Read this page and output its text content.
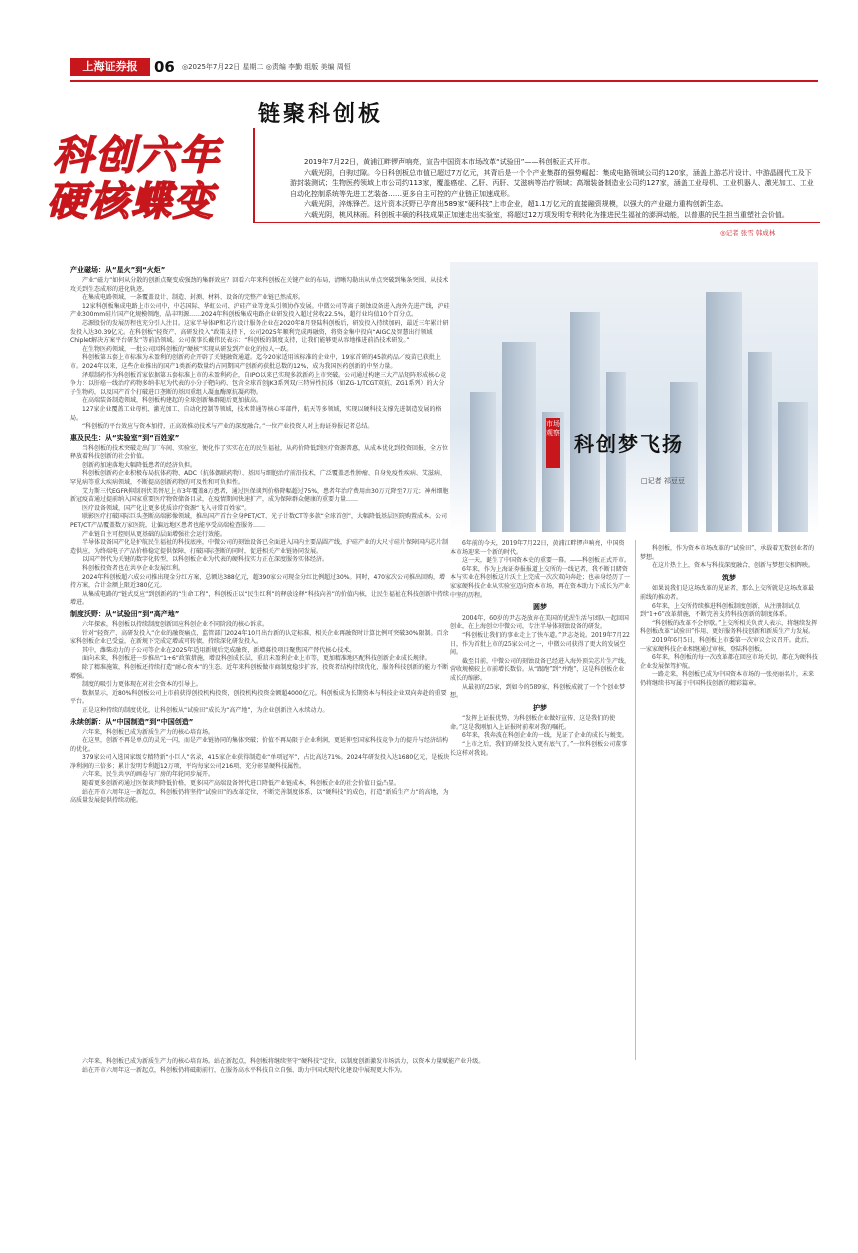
上海证券报	06 ◎2025年7月22日 星期二 ◎责编 李勤 组版 美编 周恒
科创六年
硬核蝶变
链聚科创板

2019年7月22日，黄浦江畔锣声响亮，宣告中国资本市场改革“试验田”——科创板正式开市。

六载光阴，白驹过隙。今日科创板总市值已超过7万亿元，其背后是一个个产业集群的强势崛起：集成电路领域公司约120家，涵盖上游芯片设计、中游晶圆代工及下游封装测试；生物医药领域上市公司约113家，覆盖癌症、乙肝、丙肝、艾滋病等治疗领域；高端装备制造业公司约127家，涵盖工业母机、工业机器人、激光加工、工业自动化控制系统等先进工艺装备……更多自主可控的产业链正加速成形。

六载光阴，淬炼锋芒。这片资本沃野已孕育出589家“硬科技”上市企业，超1.1万亿元的直接融资规模，以强大的产业磁力重构创新生态。

六载光阴，桃风林雨。科创板丰硕的科技成果正加速走出实验室，将超过12万项发明专利转化为推进民生福祉的澎湃动能，以普惠的民生担当重塑社会价值。

◎记者 张雪 韩成林

产业磁场：从“星火”到“火炬”

产业“磁力”如何从分散的创新点聚变成强劲的集群效应？回看六年来科创板在关键产业的布局，清晰勾勒出从单点突破到集条突围、从技术攻关到生态成形的进化轨迹。

在集成电路领域，一条覆盖设计、制造、封测、材料、设备的完整产业链已然成形。

12家科创板集成电路上市公司中，中芯国际、华虹公司、沪硅产业等龙头引领协作发展。中微公司等离子刻蚀设备进入海外先进产线，沪硅产业300mm硅片国产化规模领跑，晶丰明源……2024年科创板集成电路企业研发投入超过营收22.5%，超行业均值10个百分点。

芯源股份的发展历程也充分引人注目。这家半导体IP和芯片设计服务企业在2020年8月登陆科创板后，研发投入持续加码，最近三年累计研发投入达30.39亿元。在科创板“轻资产、高研发投入”政策支持下，公司2025年顺利完成再融资，将资金集中投向“AIGC及智慧出行领域Chiplet解决方案平台研发”等前沿领域。公司董事长戴伟民表示：“科创板的制度支持，让我们能够更从容地推进前沿技术研发。”

在生物医药领域，一批公司因科创板的“硬核”实现从研发到产业化的惊人一跃。

科创板第五套上市标准为未盈利的创新药企开辟了关键融资通道。迄今20家适用该标准的企业中，19家首研的45款药品／疫苗已获批上市。2024年以来，这些企业推出的国产1类新药数量约占同期国产创新药获批总数的12%，成为我国医药创新的中坚力量。

泽璟制药作为科创板首家依据第五套标准上市的未盈利药企，自IPO以来已实现多款新药上市突破。公司通过构建三大产品矩阵形成核心竞争力：以肝癌一线治疗药物多纳非尼为代表的小分子靶向药、包含全球首创JK3系列双/三特异性抗体（如ZG-1/TCGT双抗、ZG1系列）的大分子生物药，以及国产首个打破进口垄断的基因重组人凝血酶原抗凝药物。

在高端装备制造领域，科创板构建起的全球创新集群随后更加拔高。

127家企业覆盖工业母机、激光加工、自动化控制等领域，技术普通等核心零部件，航天等多领域，实现以硬科技支撑先进制造发展的格局。

“科创板的平台效应与资本加持，正高效推动技术与产业的深度融合。”一位产业投资人对上海证券报记者总结。

惠及民生：从“实验室”到“百姓家”

当科创板的技术突破走出门厂车间、实验室，便化作了实实在在的民生福祉，从药价降低到医疗资源普惠，从成本优化到投资回报，全方位释放着科技创新的社会价值。

创新药加速落地大幅降低患者的经济负担。

科创板创新药企业积极布局抗体药物、ADC（抗体偶联药物）、基因与细胞治疗前沿技术，广泛覆盖恶性肿瘤、自身免疫性疾病、艾滋病、罕见病等重大疾病领域，不断提高创新药物的可及性和可负担性。

艾力斯三代EGFR抑制剂伏美替尼上市3年覆盖8万患者，通过医保谈判价格降幅超过75%，患者年治疗费用由30万元降至7万元；神州细胞新冠疫苗通过提前纳入国家重要医疗物资储备目录，在疫情期间快速扩产，成为保障群众健康的重要力量……

医疗设备领域，国产化让更多优质诊疗资源“飞入寻常百姓家”。

联影医疗打破国际巨头垄断高端影像领域，推出国产首台全身PET/CT、光子计数CT等多款“全球首创”，大幅降低基层医院购置成本。公司PET/CT产品覆盖数万家医院，让偏远地区患者也能享受高端检查服务……

产业链自主可控则从更基础的层面增强社会运行效能。

半导体设备国产化是护航民生福祉的科技底座，中微公司的刻蚀设备已全面进入国内主要晶圆产线，沪硅产业的大尺寸硅片保障国内芯片制造供应，为终端电子产品价格稳定提供保障，打破国际垄断的同时，促进相关产业链协同发展。

以国产替代为关键的数字化转型，以科创板企业为代表的硬科技实力正在深度服务实体经济。

科创板投资者也在共享企业发展红利。

2024年科创板超六成公司推出现金分红方案，总额达388亿元，超390家公司现金分红比例超过30%。同时，470家次公司推出回购，增持方案，合计金额上限近380亿元。

从集成电路的“链式反应”到创新药的“生命工程”，科创板正以“民生红利”的释放诠释“科技向善”的价值内核，让民生福祉在科技创新中持续增进。

制度沃野：从“试验田”到“高产地”

六年探索，科创板以持续制度创新回应科创企业不同阶段的核心诉求。

针对“轻资产、高研发投入”企业的融资痛点，监管部门2024年10月出台新的认定标准，相关企业再融资时计算比例可突破30%限制。百余家科创板企业已受益，在新规下完成定增或可转债，持续深化研发投入。

其中，潍柴动力的子公司等企业在2025年适用新规后完成融资，新增募投项目聚焦国产替代核心技术。

面向未来，科创板进一步推出“1+6”政策措施，增设科创成长层，重启未盈利企业上市等，更加精准地匹配科技创新企业成长规律。

除了精准施策，科创板还持续打造“耐心资本”的生态。近年来科创板做市商制度稳步扩容，投资者结构持续优化，服务科技创新的能力不断增强。

制度的吸引力更体现在对社会资本的引导上。

数据显示，近80%科创板公司上市前获得创投机构投资，创投机构投资金额超4000亿元。科创板成为长期资本与科技企业双向奔赴的重要平台。

正是这种持续的制度优化，让科创板从“试验田”成长为“高产地”，为企业创新注入永续动力。

永续创新：从“中国制造”到“中国创造”

六年来，科创板已成为新质生产力的核心培育场。

在这里，创新不再是单点的灵光一闪，而是产业链协同的集体突破；价值不再局限于企业利润，更延伸至国家科技竞争力的提升与经济结构的优化。

379家公司入选国家级专精特新“小巨人”名录，415家企业获得制造业“单项冠军”，占比高达71%。2024年研发投入达1680亿元，是板块净利润的三倍多；累计发明专利超12万项，平均每家公司216项，充分彰显硬科技属性。

六年来，民生共享的画卷与厂房的年轮同步展开。

随着更多创新药通过医保谈判降低价格，更多国产高端设备替代进口降低产业链成本，科创板企业的社会价值日益凸显。

站在开市六周年这一新起点，科创板仍将坚持“试验田”的改革定位，不断完善制度体系，以“硬科技”的成色，打造“新质生产力”的高地，为高质量发展提供持续动能。

市场观察 科创梦飞扬
□记者 祁豆豆

6年前的今天，2019年7月22日，黄浦江畔锣声响亮，中国资本市场迎来一个新的时代。

这一天，诞生了中国资本史的重要一幕。——科创板正式开市。

6年来，作为上海证券报报道上交所的一线记者，我不断目睹资本与实业在科创板这片沃土上完成一次次双向奔赴；也亲身经历了一家家硬科技企业从实验室迈向资本市场，再在资本助力下成长为产业中坚的历程。

圆梦

2004年，60岁的尹志尧放弃在美国的优渥生活与团队一起回国创业，在上海创立中微公司，专注半导体刻蚀设备的研发。

“科创板让我们的事业走上了快车道。”尹志尧说。2019年7月22日，作为首批上市的25家公司之一，中微公司获得了更大的发展空间。

截至目前，中微公司的刻蚀设备已经进入海外顶尖芯片生产线，营收规模较上市前增长数倍。从“跟跑”到“并跑”，这是科创板企业成长的缩影。

从最初的25家，到如今的589家，科创板成就了一个个创业梦想。

护梦

“发挥上证报优势，为科创板企业做好宣传，这是我们的使命。”这是我刚加入上证报时前辈对我的嘱托。

6年来，我奔波在科创企业的一线，见证了企业的成长与蜕变。

“上市之后，我们的研发投入更有底气了。”一位科创板公司董事长这样对我说。

科创板，作为资本市场改革的“试验田”，承载着无数创业者的梦想。

在这片热土上，资本与科技深度融合，创新与梦想交相辉映。

筑梦

如果说我们是这场改革的见证者，那么上交所就是这场改革最前线的推动者。

6年来，上交所持续推进科创板制度创新，从注册制试点到“1+6”改革措施，不断完善支持科技创新的制度体系。

“科创板的改革不会停歇。”上交所相关负责人表示，将继续发挥科创板改革“试验田”作用，更好服务科技创新和新质生产力发展。

2019年6月5日，科创板上市委第一次审议会议召开。此后，一家家硬科技企业相继通过审核，登陆科创板。

6年来，科创板的每一次改革都在回应市场关切，都在为硬科技企业发展保驾护航。

一路走来，科创板已成为中国资本市场的一张亮丽名片，未来仍将继续书写属于中国科技创新的精彩篇章。

六年来，科创板已成为新质生产力的核心培育场。站在新起点，科创板将继续坚守“硬科技”定位，以制度创新激发市场活力，以资本力量赋能产业升级。

站在开市六周年这一新起点，科创板仍将砥砺前行，在服务高水平科技自立自强、助力中国式现代化建设中展现更大作为。
